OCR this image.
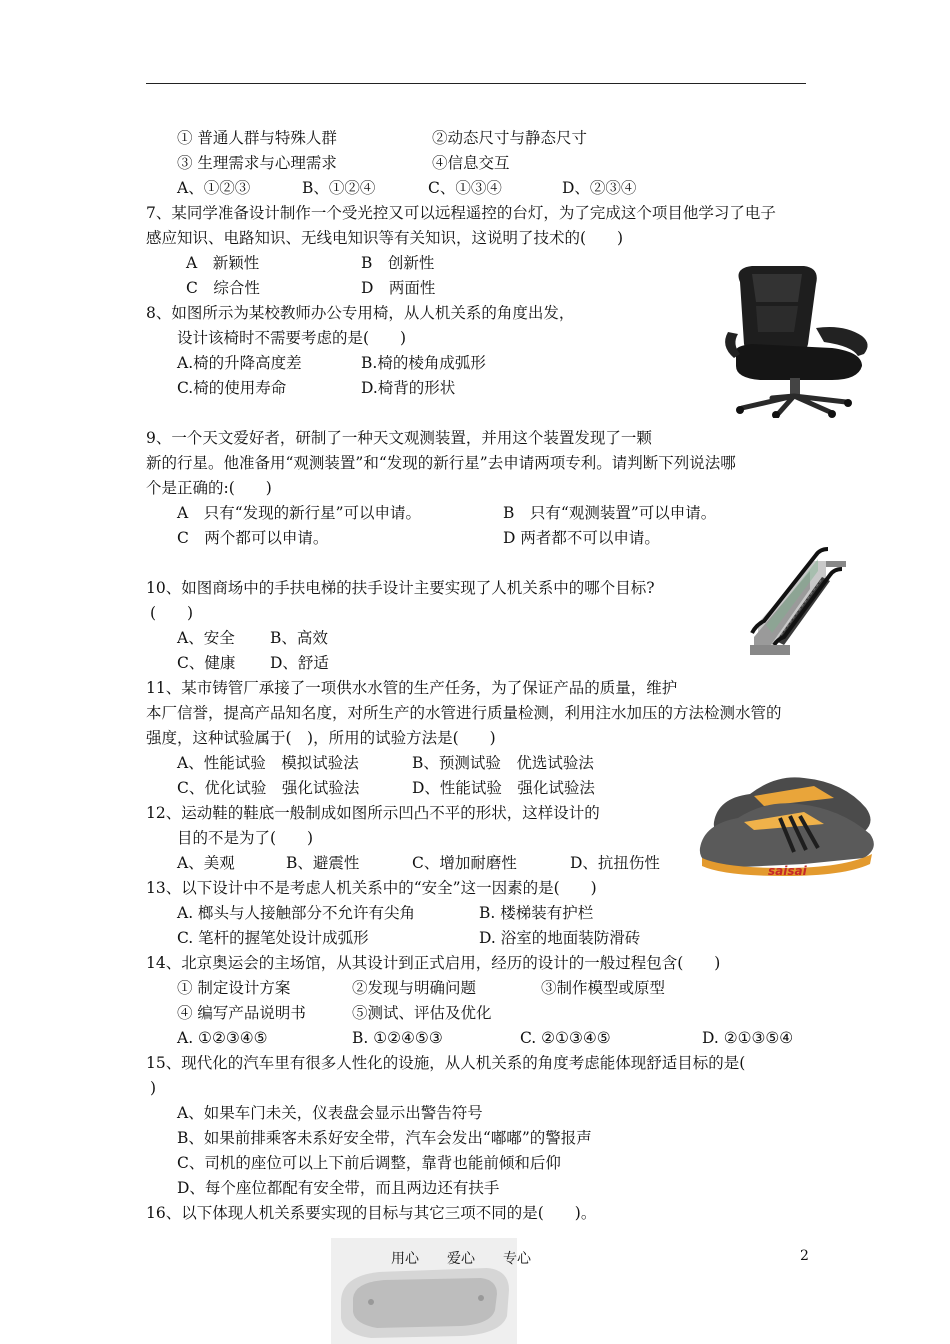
① 普通人群与特殊人群	②动态尺寸与静态尺寸
③ 生理需求与心理需求	④信息交互
A、①②③	B、①②④	C、①③④	D、②③④
7、某同学准备设计制作一个受光控又可以远程遥控的台灯，为了完成这个项目他学习了电子
感应知识、电路知识、无线电知识等有关知识，这说明了技术的(　　)
A　新颖性	B　创新性
C　综合性	D　两面性
8、如图所示为某校教师办公专用椅，从人机关系的角度出发，
设计该椅时不需要考虑的是(　　)
A.椅的升降高度差	B.椅的棱角成弧形
C.椅的使用寿命	D.椅背的形状
9、一个天文爱好者，研制了一种天文观测装置，并用这个装置发现了一颗
新的行星。他准备用“观测装置”和“发现的新行星”去申请两项专利。请判断下列说法哪
个是正确的:(　　)
A　只有“发现的新行星”可以申请。	B　只有“观测装置”可以申请。
C　两个都可以申请。	D 两者都不可以申请。
10、如图商场中的手扶电梯的扶手设计主要实现了人机关系中的哪个目标?
(　　)
A、安全 B、高效
C、健康 D、舒适
11、某市铸管厂承接了一项供水水管的生产任务，为了保证产品的质量，维护
本厂信誉，提高产品知名度，对所生产的水管进行质量检测，利用注水加压的方法检测水管的
强度，这种试验属于(　)，所用的试验方法是(　　)
A、性能试验　模拟试验法	B、预测试验　优选试验法
C、优化试验　强化试验法	D、性能试验　强化试验法
12、运动鞋的鞋底一般制成如图所示凹凸不平的形状，这样设计的
目的不是为了(　　)
A、美观	B、避震性	C、增加耐磨性	D、抗扭伤性
13、以下设计中不是考虑人机关系中的“安全”这一因素的是(　　)
A. 榔头与人接触部分不允许有尖角	B. 楼梯装有护栏
C. 笔杆的握笔处设计成弧形	D. 浴室的地面装防滑砖
14、北京奥运会的主场馆，从其设计到正式启用，经历的设计的一般过程包含(　　)
① 制定设计方案	②发现与明确问题	③制作模型或原型
④ 编写产品说明书	⑤测试、评估及优化
A. ①②③④⑤	B. ①②④⑤③	C. ②①③④⑤	D. ②①③⑤④
15、现代化的汽车里有很多人性化的设施，从人机关系的角度考虑能体现舒适目标的是(
)
A、如果车门未关，仪表盘会显示出警告符号
B、如果前排乘客未系好安全带，汽车会发出“嘟嘟”的警报声
C、司机的座位可以上下前后调整，靠背也能前倾和后仰
D、每个座位都配有安全带，而且两边还有扶手
16、以下体现人机关系要实现的目标与其它三项不同的是(　　)。
saisai
用心　　爱心　　专心	2
